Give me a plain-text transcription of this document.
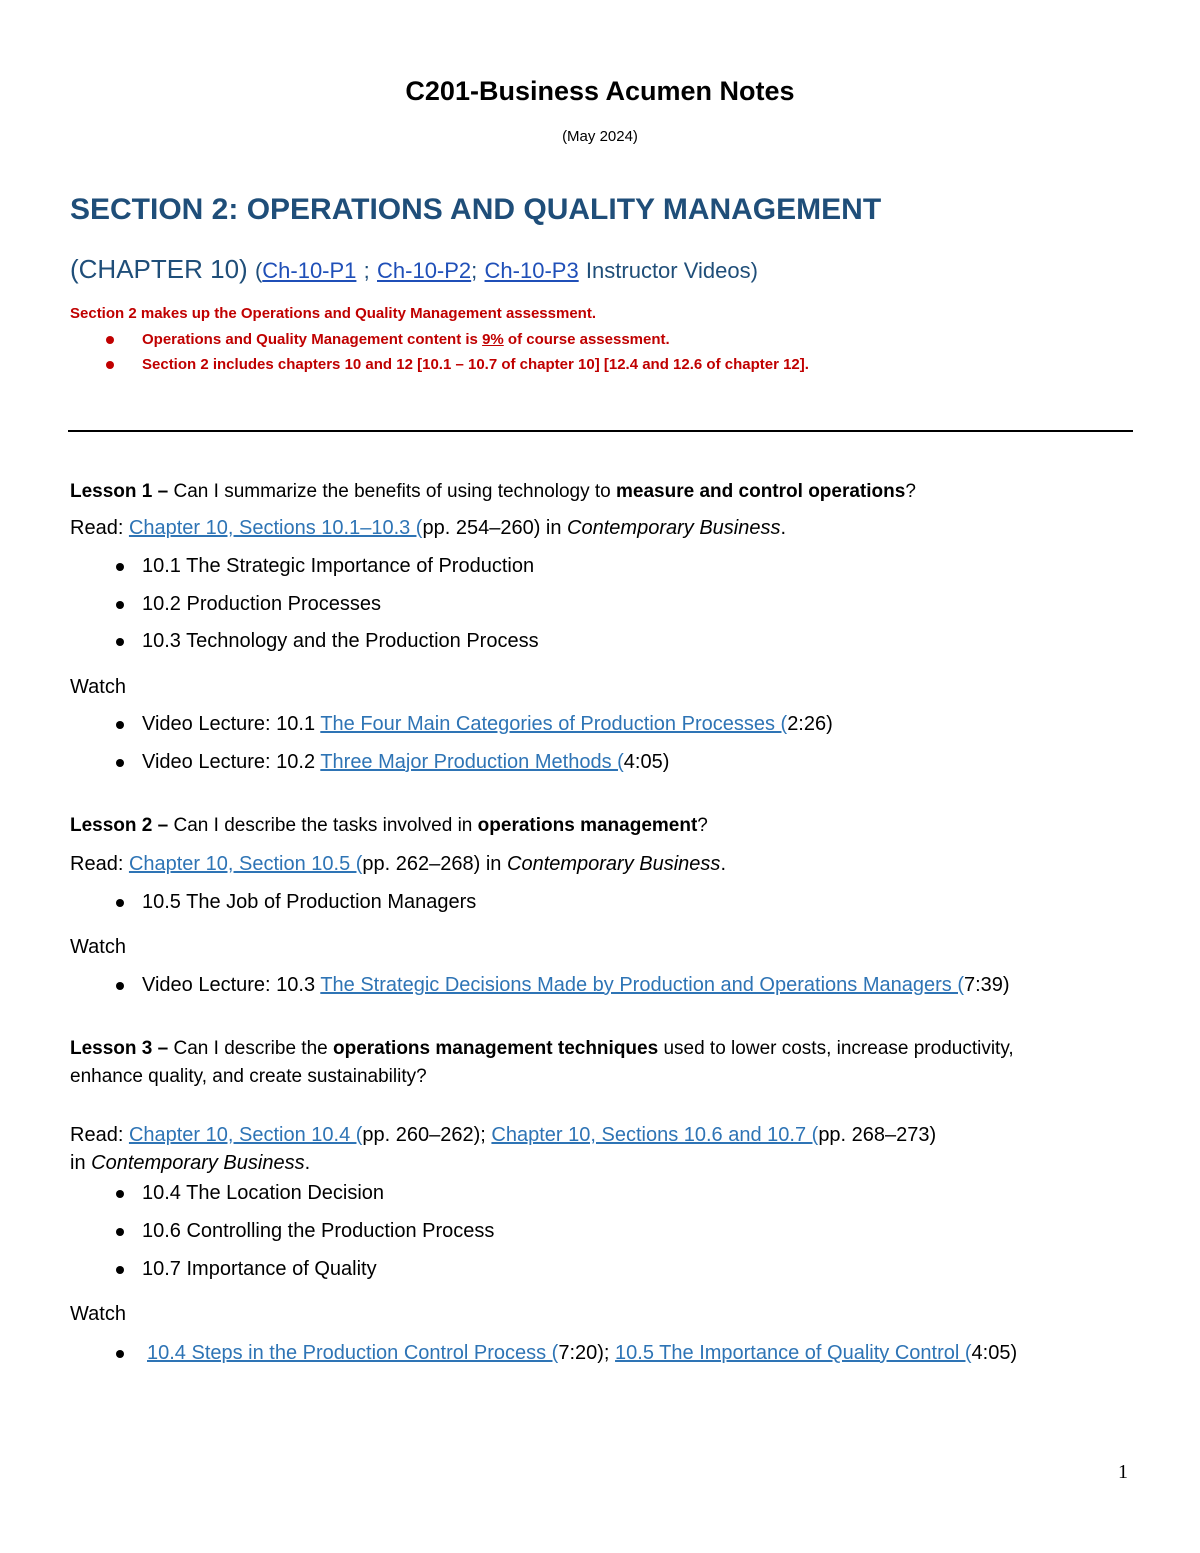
C201-Business Acumen Notes
(May 2024)
SECTION 2: OPERATIONS AND QUALITY MANAGEMENT
(CHAPTER 10) (Ch-10-P1 ; Ch-10-P2; Ch-10-P3 Instructor Videos)
Section 2 makes up the Operations and Quality Management assessment.
Operations and Quality Management content is 9% of course assessment.
Section 2 includes chapters 10 and 12 [10.1 – 10.7 of chapter 10] [12.4 and 12.6 of chapter 12].
Lesson 1 – Can I summarize the benefits of using technology to measure and control operations?
Read: Chapter 10, Sections 10.1–10.3 (pp. 254–260) in Contemporary Business.
10.1 The Strategic Importance of Production
10.2 Production Processes
10.3 Technology and the Production Process
Watch
Video Lecture: 10.1 The Four Main Categories of Production Processes (2:26)
Video Lecture: 10.2 Three Major Production Methods (4:05)
Lesson 2 – Can I describe the tasks involved in operations management?
Read: Chapter 10, Section 10.5 (pp. 262–268) in Contemporary Business.
10.5 The Job of Production Managers
Watch
Video Lecture: 10.3 The Strategic Decisions Made by Production and Operations Managers (7:39)
Lesson 3 – Can I describe the operations management techniques used to lower costs, increase productivity,
enhance quality, and create sustainability?
Read: Chapter 10, Section 10.4 (pp. 260–262); Chapter 10, Sections 10.6 and 10.7 (pp. 268–273)
in Contemporary Business.
10.4 The Location Decision
10.6 Controlling the Production Process
10.7 Importance of Quality
Watch
10.4 Steps in the Production Control Process (7:20); 10.5 The Importance of Quality Control (4:05)
1
